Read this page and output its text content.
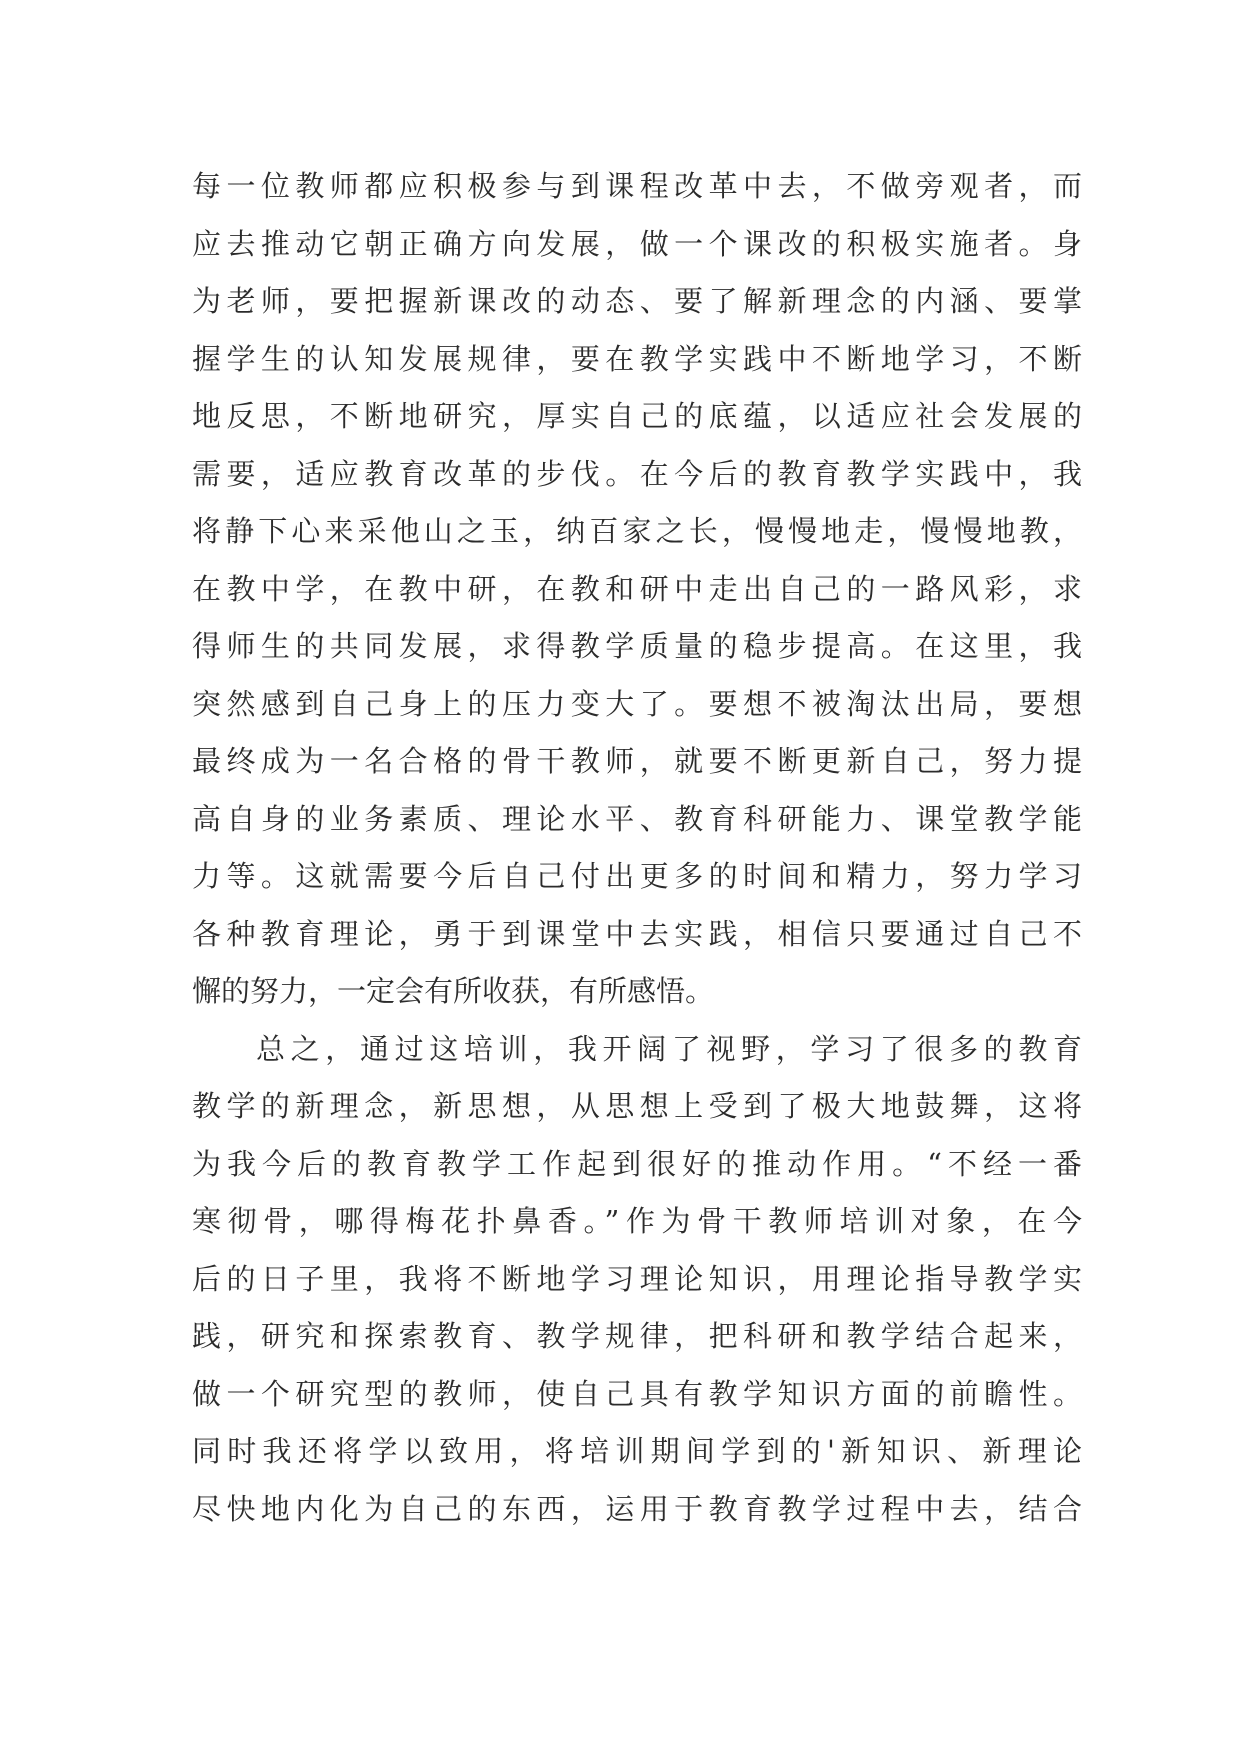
每一位教师都应积极参与到课程改革中去，不做旁观者，而
应去推动它朝正确方向发展，做一个课改的积极实施者。身
为老师，要把握新课改的动态、要了解新理念的内涵、要掌
握学生的认知发展规律，要在教学实践中不断地学习，不断
地反思，不断地研究，厚实自己的底蕴，以适应社会发展的
需要，适应教育改革的步伐。在今后的教育教学实践中，我
将静下心来采他山之玉，纳百家之长，慢慢地走，慢慢地教，
在教中学，在教中研，在教和研中走出自己的一路风彩，求
得师生的共同发展，求得教学质量的稳步提高。在这里，我
突然感到自己身上的压力变大了。要想不被淘汰出局，要想
最终成为一名合格的骨干教师，就要不断更新自己，努力提
高自身的业务素质、理论水平、教育科研能力、课堂教学能
力等。这就需要今后自己付出更多的时间和精力，努力学习
各种教育理论，勇于到课堂中去实践，相信只要通过自己不
懈的努力，一定会有所收获，有所感悟。
总之，通过这培训，我开阔了视野，学习了很多的教育
教学的新理念，新思想，从思想上受到了极大地鼓舞，这将
为我今后的教育教学工作起到很好的推动作用。“不经一番
寒彻骨，哪得梅花扑鼻香。”作为骨干教师培训对象，在今
后的日子里，我将不断地学习理论知识，用理论指导教学实
践，研究和探索教育、教学规律，把科研和教学结合起来，
做一个研究型的教师，使自己具有教学知识方面的前瞻性。
同时我还将学以致用，将培训期间学到的'新知识、新理论
尽快地内化为自己的东西，运用于教育教学过程中去，结合
